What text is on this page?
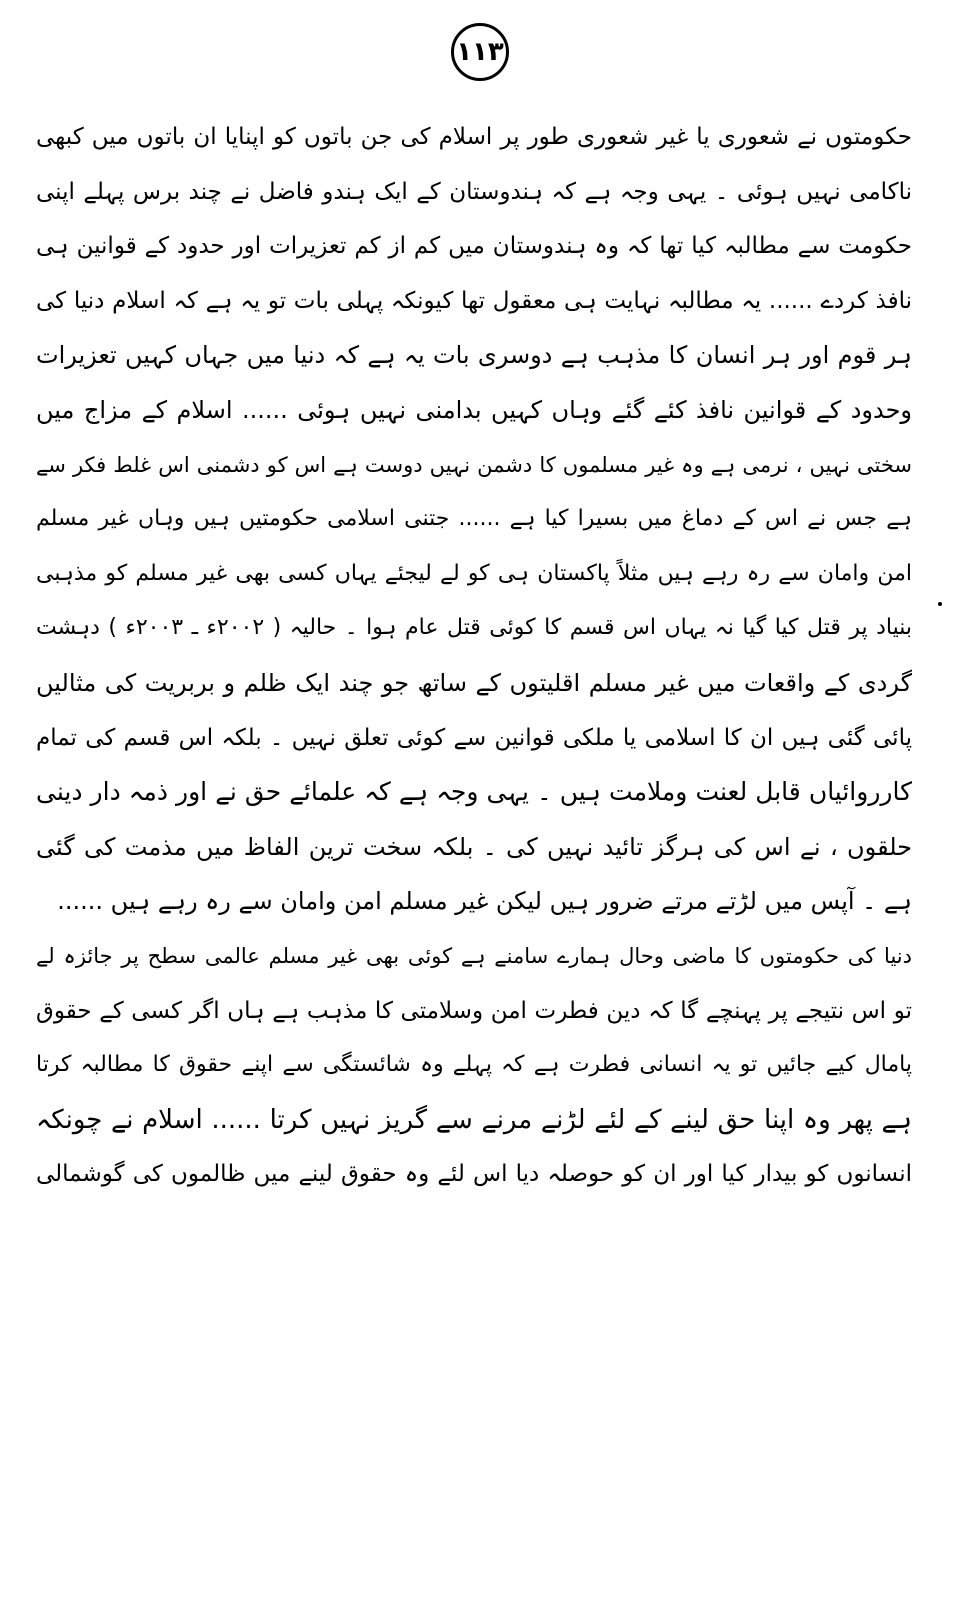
۱۱۳
حکومتوں نے شعوری یا غیر شعوری طور پر اسلام کی جن باتوں کو اپنایا ان باتوں میں کبھی
ناکامی نہیں ہوئی ۔ یہی وجہ ہے کہ ہندوستان کے ایک ہندو فاضل نے چند برس پہلے اپنی
حکومت سے مطالبہ کیا تھا کہ وہ ہندوستان میں کم از کم تعزیرات اور حدود کے قوانین ہی
نافذ کردے ...... یہ مطالبہ نہایت ہی معقول تھا کیونکہ پہلی بات تو یہ ہے کہ اسلام دنیا کی
ہر قوم اور ہر انسان کا مذہب ہے دوسری بات یہ ہے کہ دنیا میں جہاں کہیں تعزیرات
وحدود کے قوانین نافذ کئے گئے وہاں کہیں بدامنی نہیں ہوئی ...... اسلام کے مزاج میں
سختی نہیں ، نرمی ہے وہ غیر مسلموں کا دشمن نہیں دوست ہے اس کو دشمنی اس غلط فکر سے
ہے جس نے اس کے دماغ میں بسیرا کیا ہے ...... جتنی اسلامی حکومتیں ہیں وہاں غیر مسلم
امن وامان سے رہ رہے ہیں مثلاً پاکستان ہی کو لے لیجئے یہاں کسی بھی غیر مسلم کو مذہبی
بنیاد پر قتل کیا گیا نہ یہاں اس قسم کا کوئی قتل عام ہوا ۔ حالیہ ( ۲۰۰۲ء ـ ۲۰۰۳ء ) دہشت
گردی کے واقعات میں غیر مسلم اقلیتوں کے ساتھ جو چند ایک ظلم و بربریت کی مثالیں
پائی گئی ہیں ان کا اسلامی یا ملکی قوانین سے کوئی تعلق نہیں ۔ بلکہ اس قسم کی تمام
کارروائیاں قابل لعنت وملامت ہیں ۔ یہی وجہ ہے کہ علمائے حق نے اور ذمہ دار دینی
حلقوں ، نے اس کی ہرگز تائید نہیں کی ۔ بلکہ سخت ترین الفاظ میں مذمت کی گئی
ہے ۔ آپس میں لڑتے مرتے ضرور ہیں لیکن غیر مسلم امن وامان سے رہ رہے ہیں ......
دنیا کی حکومتوں کا ماضی وحال ہمارے سامنے ہے کوئی بھی غیر مسلم عالمی سطح پر جائزہ لے
تو اس نتیجے پر پہنچے گا کہ دین فطرت امن وسلامتی کا مذہب ہے ہاں اگر کسی کے حقوق
پامال کیے جائیں تو یہ انسانی فطرت ہے کہ پہلے وہ شائستگی سے اپنے حقوق کا مطالبہ کرتا
ہے پھر وہ اپنا حق لینے کے لئے لڑنے مرنے سے گریز نہیں کرتا ...... اسلام نے چونکہ
انسانوں کو بیدار کیا اور ان کو حوصلہ دیا اس لئے وہ حقوق لینے میں ظالموں کی گوشمالی
